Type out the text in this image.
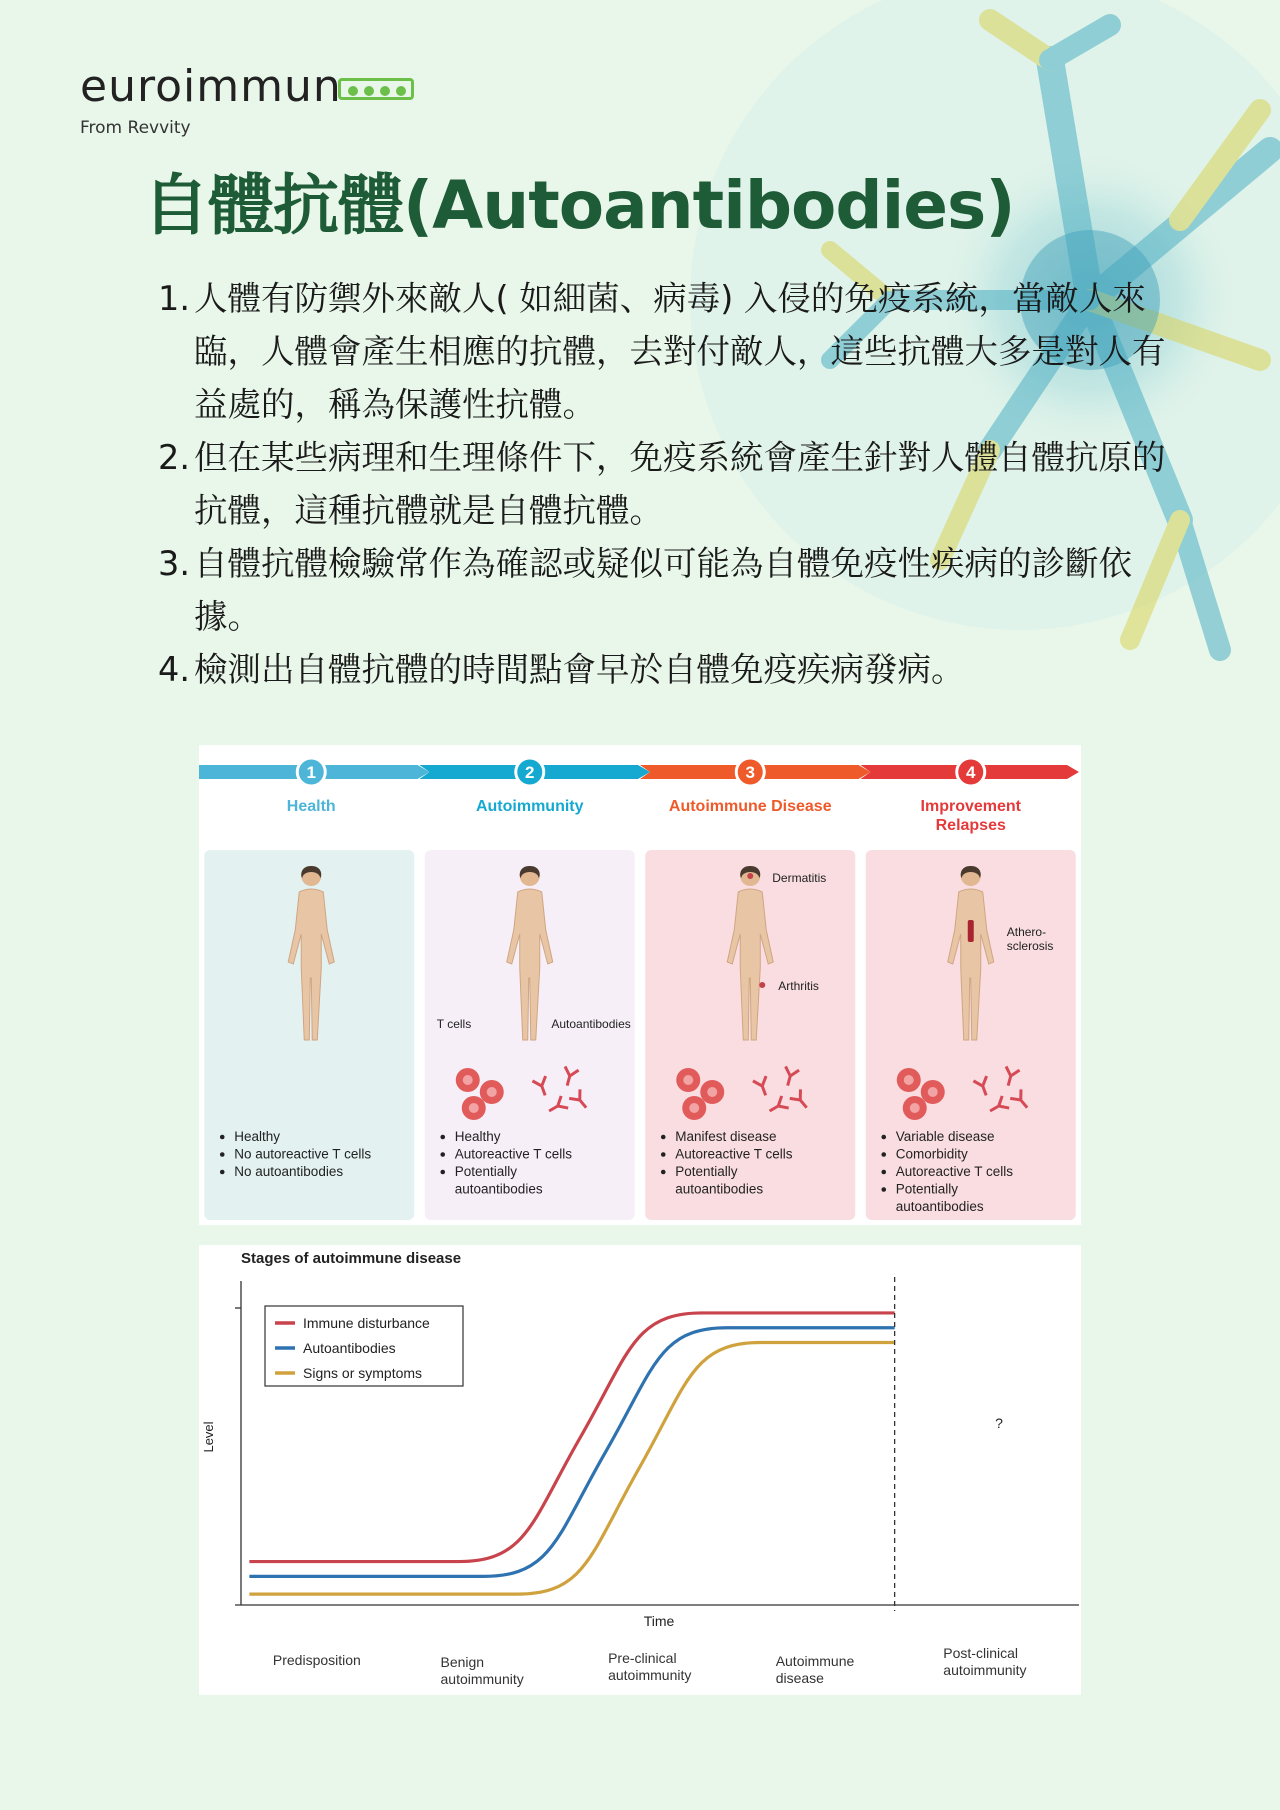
euroimmun
From Revvity
自體抗體(Autoantibodies)
1. 人體有防禦外來敵人( 如細菌、病毒) 入侵的免疫系統，當敵人來臨，人體會產生相應的抗體，去對付敵人，這些抗體大多是對人有益處的，稱為保護性抗體。
2. 但在某些病理和生理條件下，免疫系統會產生針對人體自體抗原的抗體，這種抗體就是自體抗體。
3. 自體抗體檢驗常作為確認或疑似可能為自體免疫性疾病的診斷依據。
4. 檢測出自體抗體的時間點會早於自體免疫疾病發病。
1
Health
Healthy
No autoreactive T cells
No autoantibodies
2
Autoimmunity
T cells	Autoantibodies
Healthy
Autoreactive T cells
Potentially
autoantibodies
3
Autoimmune Disease
Dermatitis
Arthritis
Manifest disease
Autoreactive T cells
Potentially
autoantibodies
4
Improvement
Relapses
Athero-
sclerosis
Variable disease
Comorbidity
Autoreactive T cells
Potentially
autoantibodies
Stages of autoimmune disease
Level
Time
?
Immune disturbance
Autoantibodies
Signs or symptoms
Predisposition	Benign
autoimmunity
Pre-clinical
autoimmunity
Autoimmune
disease
Post-clinical
autoimmunity
